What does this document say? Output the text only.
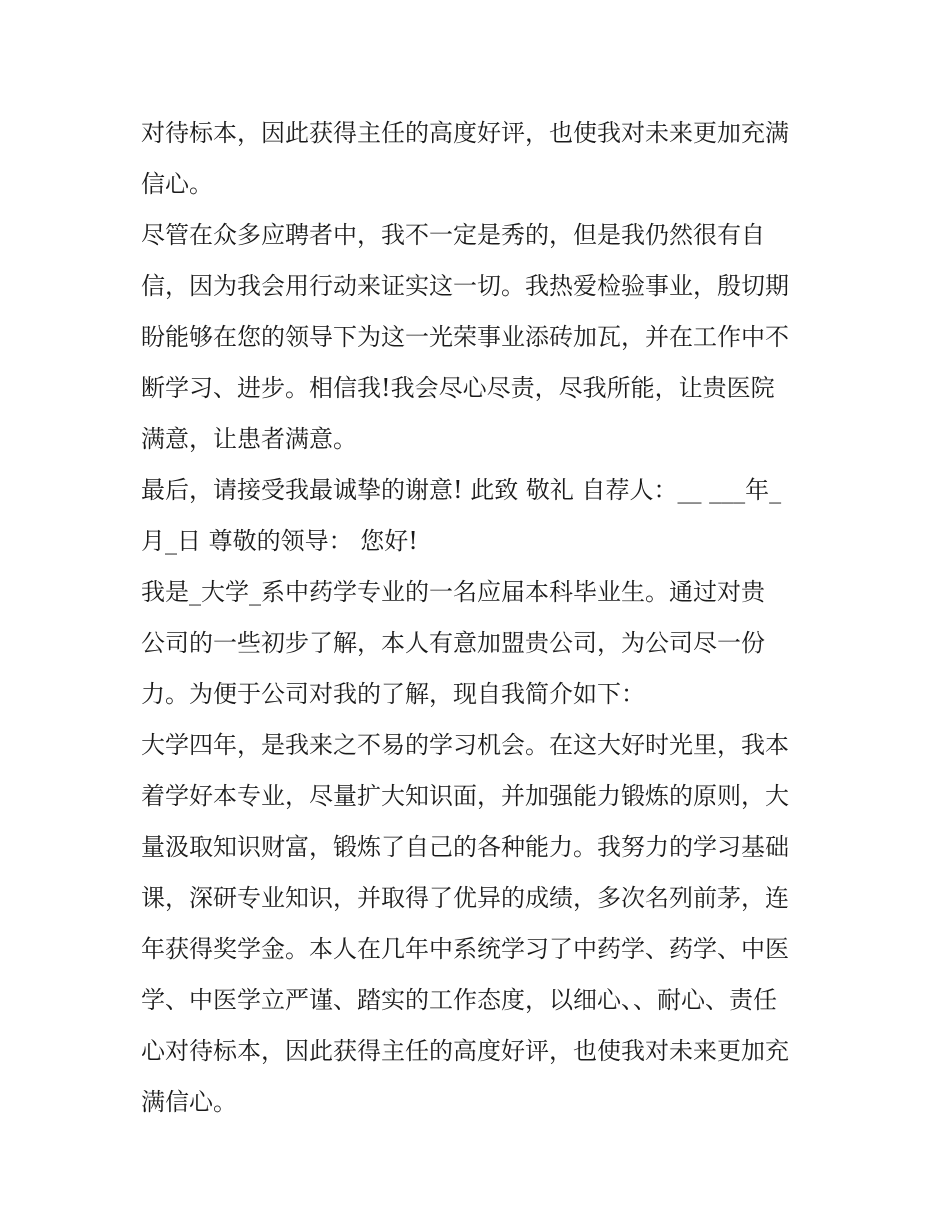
对待标本，因此获得主任的高度好评，也使我对未来更加充满
信心。
尽管在众多应聘者中，我不一定是秀的，但是我仍然很有自
信，因为我会用行动来证实这一切。我热爱检验事业，殷切期
盼能够在您的领导下为这一光荣事业添砖加瓦，并在工作中不
断学习、进步。相信我!我会尽心尽责，尽我所能，让贵医院
满意，让患者满意。
最后，请接受我最诚挚的谢意! 此致 敬礼 自荐人：__ ___年_
月_日 尊敬的领导： 您好!
我是_大学_系中药学专业的一名应届本科毕业生。通过对贵
公司的一些初步了解，本人有意加盟贵公司，为公司尽一份
力。为便于公司对我的了解，现自我简介如下：
大学四年，是我来之不易的学习机会。在这大好时光里，我本
着学好本专业，尽量扩大知识面，并加强能力锻炼的原则，大
量汲取知识财富，锻炼了自己的各种能力。我努力的学习基础
课，深研专业知识，并取得了优异的成绩，多次名列前茅，连
年获得奖学金。本人在几年中系统学习了中药学、药学、中医
学、中医学立严谨、踏实的工作态度，以细心、、耐心、责任
心对待标本，因此获得主任的高度好评，也使我对未来更加充
满信心。
